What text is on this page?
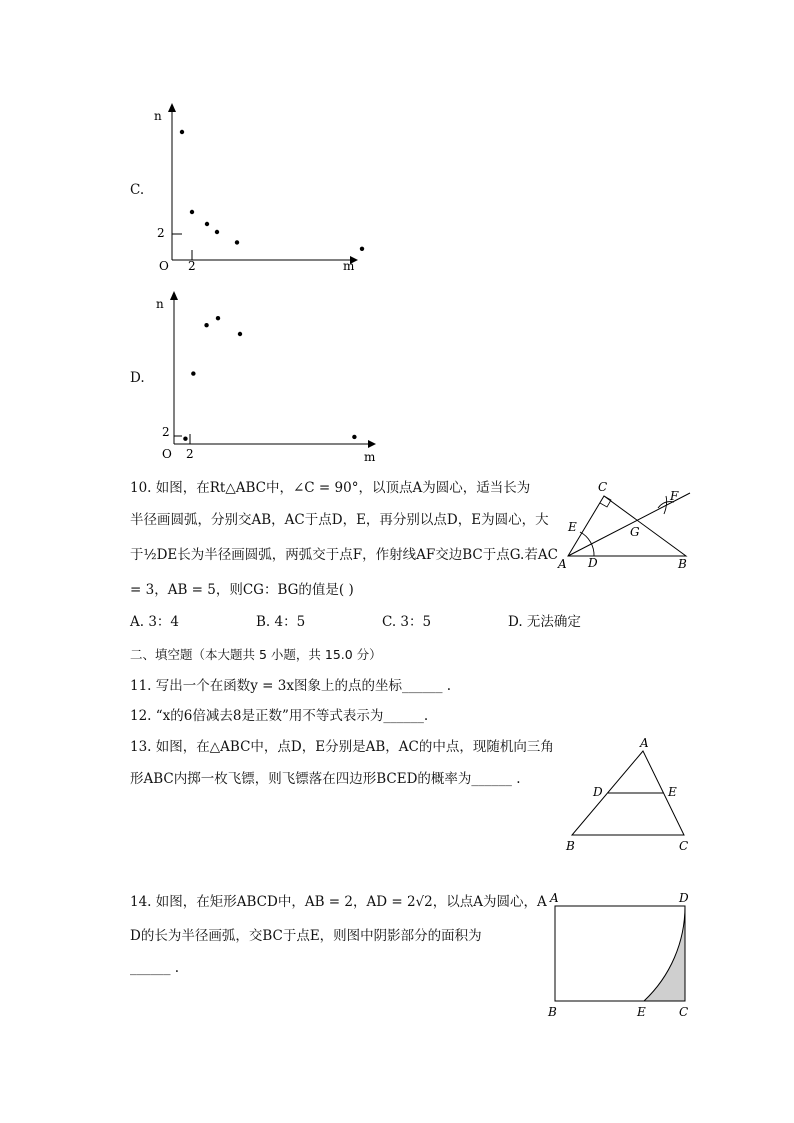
C.
n
m
O 2
2
D.
n
m
O 2
2
10. 如图，在Rt△ABC中，∠C = 90°，以顶点A为圆心，适当长为
半径画圆弧，分别交AB，AC于点D，E，再分别以点D，E为圆心，大
于½DE长为半径画圆弧，两弧交于点F，作射线AF交边BC于点G.若AC
= 3，AB = 5，则CG：BG的值是( )
A D	B
C
E
F
G
A. 3：4	B. 4：5	C. 3：5	D. 无法确定
二、填空题（本大题共 5 小题，共 15.0 分）
11. 写出一个在函数y = 3x图象上的点的坐标______ .
12. “x的6倍减去8是正数”用不等式表示为______.
13. 如图，在△ABC中，点D，E分别是AB，AC的中点，现随机向三角
形ABC内掷一枚飞镖，则飞镖落在四边形BCED的概率为______ .
A
B	C
D	E
14. 如图，在矩形ABCD中，AB = 2，AD = 2√2，以点A为圆心，A
D的长为半径画弧，交BC于点E，则图中阴影部分的面积为
______ .
A	D
B	E	C
